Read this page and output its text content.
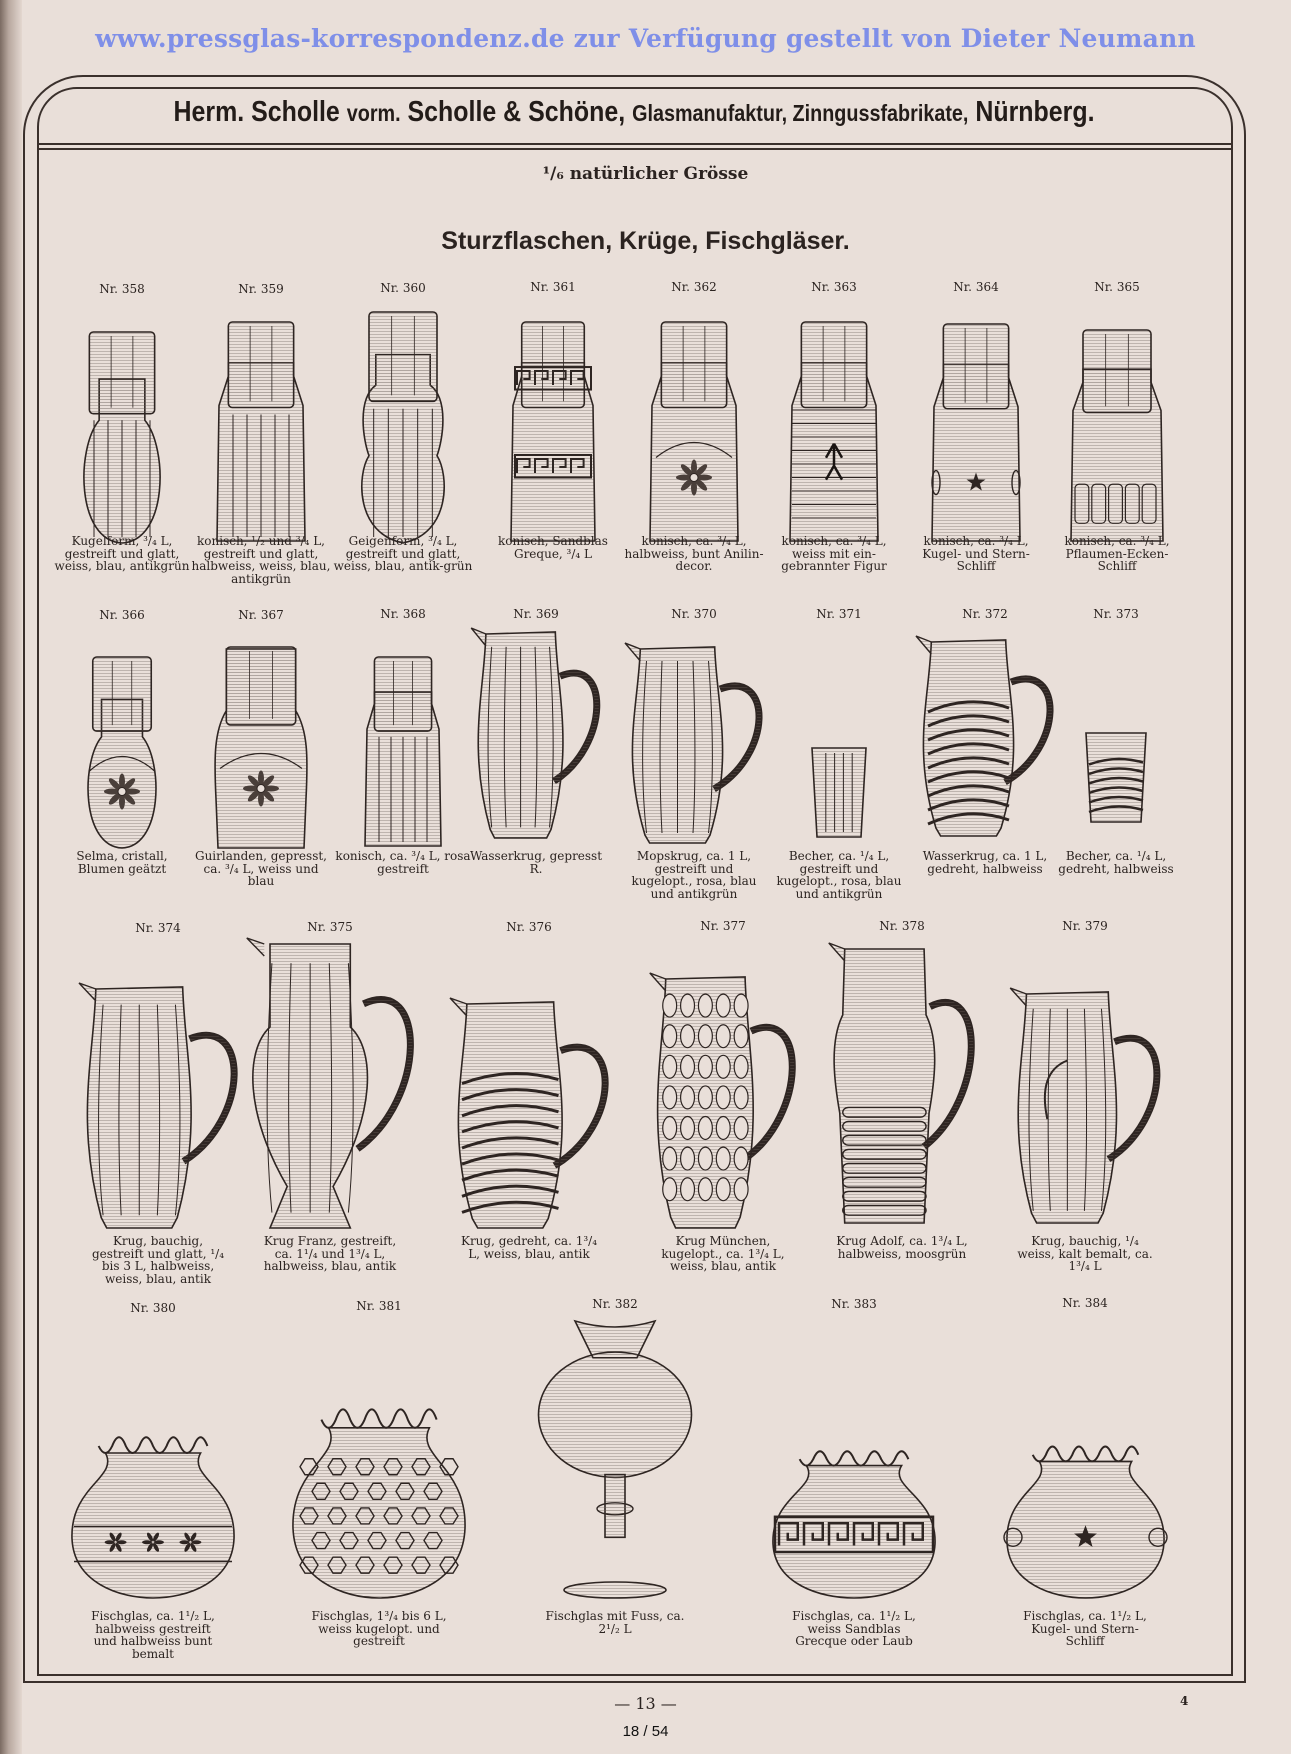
www.pressglas-korrespondenz.de zur Verfügung gestellt von Dieter Neumann
Herm. Scholle vorm. Scholle & Schöne, Glasmanufaktur, Zinngussfabrikate, Nürnberg.
¹/₆ natürlicher Grösse
Sturzflaschen, Krüge, Fischgläser.
Nr. 358
Kugelform, ³/₄ L, gestreift und glatt, weiss, blau, antikgrün
Nr. 359
konisch, ¹/₂ und ³/₄ L, gestreift und glatt, halbweiss, weiss, blau, antikgrün
Nr. 360
Geigenform, ³/₄ L, gestreift und glatt, weiss, blau, antik-grün
Nr. 361
konisch, Sandblas Greque, ³/₄ L
Nr. 362
konisch, ca. ³/₄ L, halbweiss, bunt Anilin-decor.
Nr. 363
konisch, ca. ³/₄ L, weiss mit ein-gebrannter Figur
Nr. 364
konisch, ca. ³/₄ L, Kugel- und Stern-Schliff
Nr. 365
konisch, ca. ³/₄ L, Pflaumen-Ecken-Schliff
Nr. 366
Selma, cristall, Blumen geätzt
Nr. 367
Guirlanden, gepresst, ca. ³/₄ L, weiss und blau
Nr. 368
konisch, ca. ³/₄ L, rosa gestreift
Nr. 369
Wasserkrug, gepresst R.
Nr. 370
Mopskrug, ca. 1 L, gestreift und kugelopt., rosa, blau und antikgrün
Nr. 371
Becher, ca. ¹/₄ L, gestreift und kugelopt., rosa, blau und antikgrün
Nr. 372
Wasserkrug, ca. 1 L, gedreht, halbweiss
Nr. 373
Becher, ca. ¹/₄ L, gedreht, halbweiss
Nr. 374
Krug, bauchig, gestreift und glatt, ¹/₄ bis 3 L, halbweiss, weiss, blau, antik
Nr. 375
Krug Franz, gestreift, ca. 1¹/₄ und 1³/₄ L, halbweiss, blau, antik
Nr. 376
Krug, gedreht, ca. 1³/₄ L, weiss, blau, antik
Nr. 377
Krug München, kugelopt., ca. 1³/₄ L, weiss, blau, antik
Nr. 378
Krug Adolf, ca. 1³/₄ L, halbweiss, moosgrün
Nr. 379
Krug, bauchig, ¹/₄ weiss, kalt bemalt, ca. 1³/₄ L
Nr. 380
Fischglas, ca. 1¹/₂ L, halbweiss gestreift und halbweiss bunt bemalt
Nr. 381
Fischglas, 1³/₄ bis 6 L, weiss kugelopt. und gestreift
Nr. 382
Fischglas mit Fuss, ca. 2¹/₂ L
Nr. 383
Fischglas, ca. 1¹/₂ L, weiss Sandblas Grecque oder Laub
Nr. 384
Fischglas, ca. 1¹/₂ L, Kugel- und Stern-Schliff
— 13 —	4
18 / 54
